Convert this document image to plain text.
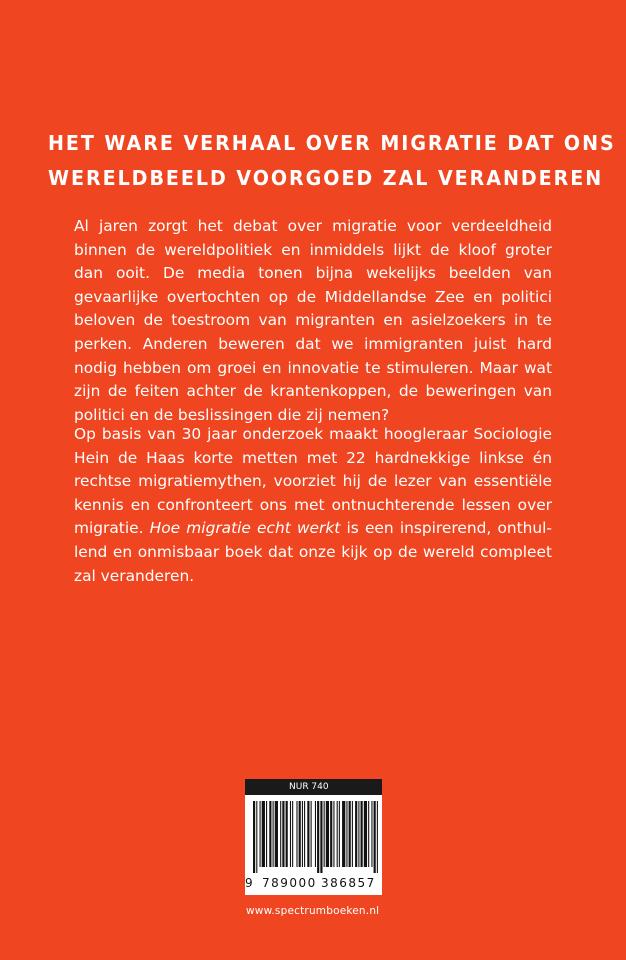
HET WARE VERHAAL OVER MIGRATIE DAT ONS
WERELDBEELD VOORGOED ZAL VERANDEREN
Al jaren zorgt het debat over migratie voor verdeeldheid
binnen de wereldpolitiek en inmiddels lijkt de kloof groter
dan ooit. De media tonen bijna wekelijks beelden van
gevaarlijke overtochten op de Middellandse Zee en politici
beloven de toestroom van migranten en asielzoekers in te
perken. Anderen beweren dat we immigranten juist hard
nodig hebben om groei en innovatie te stimuleren. Maar wat
zijn de feiten achter de krantenkoppen, de beweringen van
politici en de beslissingen die zij nemen?
Op basis van 30 jaar onderzoek maakt hoogleraar Sociologie
Hein de Haas korte metten met 22 hardnekkige linkse én
rechtse migratiemythen, voorziet hij de lezer van essentiële
kennis en confronteert ons met ontnuchterende lessen over
migratie. Hoe migratie echt werkt is een inspirerend, onthul-
lend en onmisbaar boek dat onze kijk op de wereld compleet
zal veranderen.
NUR 740
9 789000 386857
www.spectrumboeken.nl
